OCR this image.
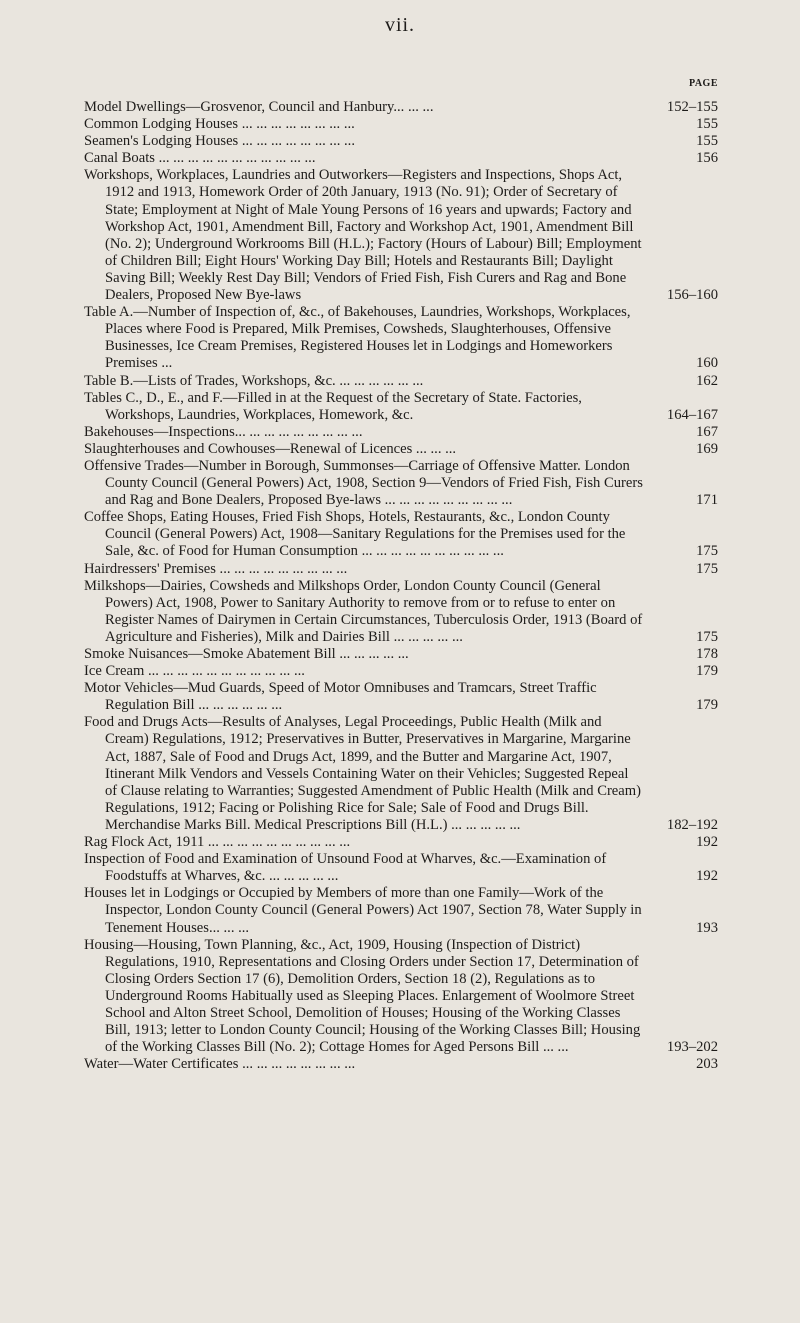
vii.
PAGE
Model Dwellings—Grosvenor, Council and Hanbury... ... ...	152–155
Common Lodging Houses ... ... ... ... ... ... ... ...	155
Seamen's Lodging Houses ... ... ... ... ... ... ... ...	155
Canal Boats ... ... ... ... ... ... ... ... ... ... ...	156
Workshops, Workplaces, Laundries and Outworkers—Registers and Inspections, Shops Act, 1912 and 1913, Homework Order of 20th January, 1913 (No. 91); Order of Secretary of State; Employment at Night of Male Young Persons of 16 years and upwards; Factory and Workshop Act, 1901, Amendment Bill, Factory and Workshop Act, 1901, Amendment Bill (No. 2); Underground Workrooms Bill (H.L.); Factory (Hours of Labour) Bill; Employment of Children Bill; Eight Hours' Working Day Bill; Hotels and Restaurants Bill; Daylight Saving Bill; Weekly Rest Day Bill; Vendors of Fried Fish, Fish Curers and Rag and Bone Dealers, Proposed New Bye-laws	156–160
Table A.—Number of Inspection of, &c., of Bakehouses, Laundries, Workshops, Workplaces, Places where Food is Prepared, Milk Premises, Cowsheds, Slaughterhouses, Offensive Businesses, Ice Cream Premises, Registered Houses let in Lodgings and Homeworkers Premises ...	160
Table B.—Lists of Trades, Workshops, &c. ... ... ... ... ... ...	162
Tables C., D., E., and F.—Filled in at the Request of the Secretary of State. Factories, Workshops, Laundries, Workplaces, Homework, &c.	164–167
Bakehouses—Inspections... ... ... ... ... ... ... ... ...	167
Slaughterhouses and Cowhouses—Renewal of Licences ... ... ...	169
Offensive Trades—Number in Borough, Summonses—Carriage of Offensive Matter. London County Council (General Powers) Act, 1908, Section 9—Vendors of Fried Fish, Fish Curers and Rag and Bone Dealers, Proposed Bye-laws ... ... ... ... ... ... ... ... ...	171
Coffee Shops, Eating Houses, Fried Fish Shops, Hotels, Restaurants, &c., London County Council (General Powers) Act, 1908—Sanitary Regulations for the Premises used for the Sale, &c. of Food for Human Consumption ... ... ... ... ... ... ... ... ... ...	175
Hairdressers' Premises ... ... ... ... ... ... ... ... ...	175
Milkshops—Dairies, Cowsheds and Milkshops Order, London County Council (General Powers) Act, 1908, Power to Sanitary Authority to remove from or to refuse to enter on Register Names of Dairymen in Certain Circumstances, Tuberculosis Order, 1913 (Board of Agriculture and Fisheries), Milk and Dairies Bill ... ... ... ... ...	175
Smoke Nuisances—Smoke Abatement Bill ... ... ... ... ...	178
Ice Cream ... ... ... ... ... ... ... ... ... ... ...	179
Motor Vehicles—Mud Guards, Speed of Motor Omnibuses and Tramcars, Street Traffic Regulation Bill ... ... ... ... ... ...	179
Food and Drugs Acts—Results of Analyses, Legal Proceedings, Public Health (Milk and Cream) Regulations, 1912; Preservatives in Butter, Preservatives in Margarine, Margarine Act, 1887, Sale of Food and Drugs Act, 1899, and the Butter and Margarine Act, 1907, Itinerant Milk Vendors and Vessels Containing Water on their Vehicles; Suggested Repeal of Clause relating to Warranties; Suggested Amendment of Public Health (Milk and Cream) Regulations, 1912; Facing or Polishing Rice for Sale; Sale of Food and Drugs Bill. Merchandise Marks Bill. Medical Prescriptions Bill (H.L.) ... ... ... ... ...	182–192
Rag Flock Act, 1911 ... ... ... ... ... ... ... ... ... ...	192
Inspection of Food and Examination of Unsound Food at Wharves, &c.—Examination of Foodstuffs at Wharves, &c. ... ... ... ... ...	192
Houses let in Lodgings or Occupied by Members of more than one Family—Work of the Inspector, London County Council (General Powers) Act 1907, Section 78, Water Supply in Tenement Houses... ... ...	193
Housing—Housing, Town Planning, &c., Act, 1909, Housing (Inspection of District) Regulations, 1910, Representations and Closing Orders under Section 17, Determination of Closing Orders Section 17 (6), Demolition Orders, Section 18 (2), Regulations as to Underground Rooms Habitually used as Sleeping Places. Enlargement of Woolmore Street School and Alton Street School, Demolition of Houses; Housing of the Working Classes Bill, 1913; letter to London County Council; Housing of the Working Classes Bill; Housing of the Working Classes Bill (No. 2); Cottage Homes for Aged Persons Bill ... ...	193–202
Water—Water Certificates ... ... ... ... ... ... ... ...	203
